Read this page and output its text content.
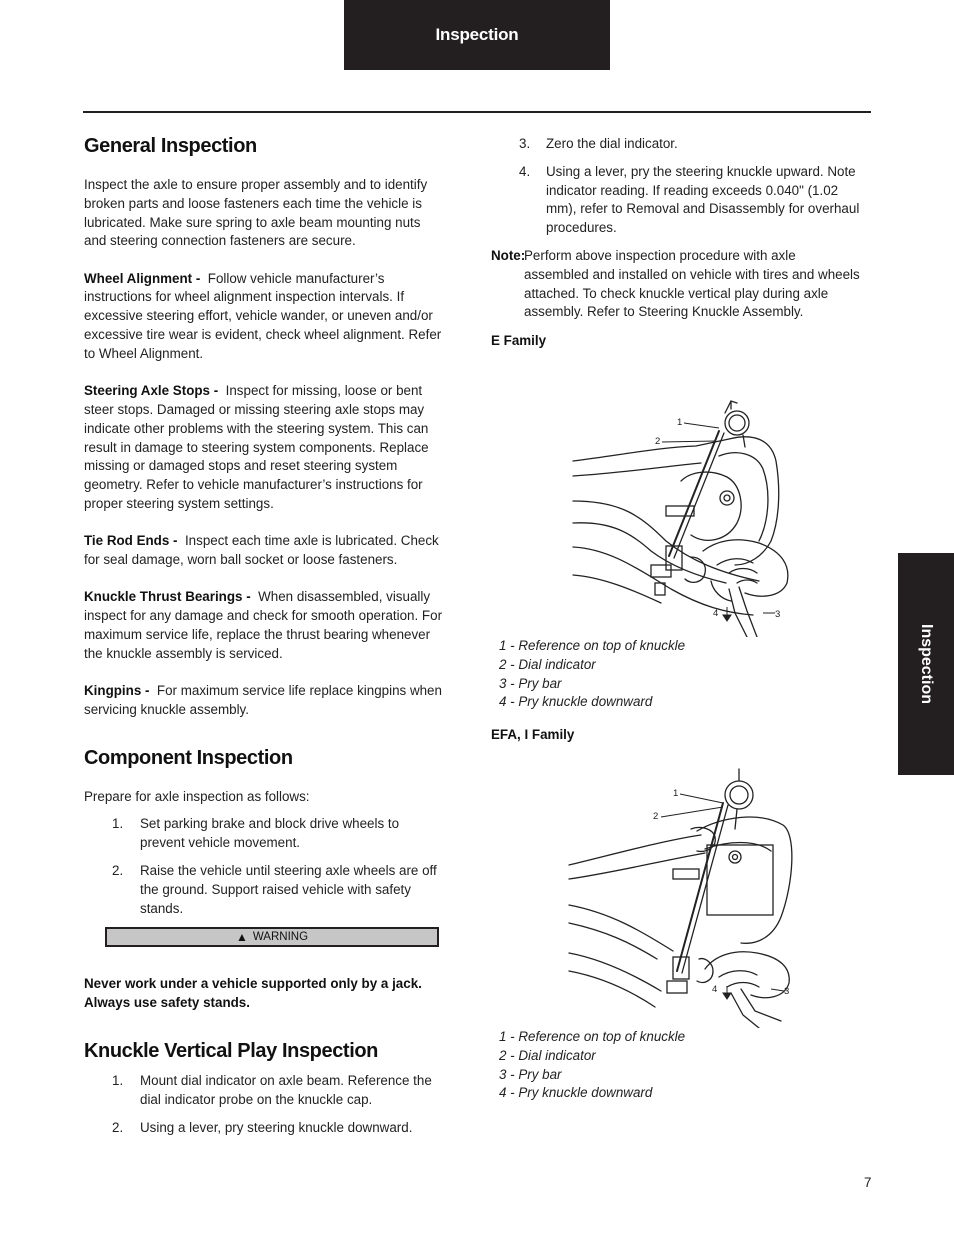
Inspection
Inspection
General Inspection

Inspect the axle to ensure proper assembly and to identify broken parts and loose fasteners each time the vehicle is lubricated. Make sure spring to axle beam mounting nuts and steering connection fasteners are secure.

Wheel Alignment - Follow vehicle manufacturer’s instructions for wheel alignment inspection intervals. If excessive steering effort, vehicle wander, or uneven and/or excessive tire wear is evident, check wheel alignment. Refer to Wheel Alignment.

Steering Axle Stops - Inspect for missing, loose or bent steer stops. Damaged or missing steering axle stops may indicate other problems with the steering system. This can result in damage to steering system components. Replace missing or damaged stops and reset steering system geometry. Refer to vehicle manufacturer’s instructions for proper steering system settings.

Tie Rod Ends - Inspect each time axle is lubricated. Check for seal damage, worn ball socket or loose fasteners.

Knuckle Thrust Bearings - When disassembled, visually inspect for any damage and check for smooth operation. For maximum service life, replace the thrust bearing whenever the knuckle assembly is serviced.

Kingpins - For maximum service life replace kingpins when servicing knuckle assembly.

Component Inspection

Prepare for axle inspection as follows:

1. Set parking brake and block drive wheels to prevent vehicle movement.
2. Raise the vehicle until steering axle wheels are off the ground. Support raised vehicle with safety stands.
▲ WARNING

Never work under a vehicle supported only by a jack. Always use safety stands.

Knuckle Vertical Play Inspection
1. Mount dial indicator on axle beam. Reference the dial indicator probe on the knuckle cap.
2. Using a lever, pry steering knuckle downward.
3. Zero the dial indicator.
4. Using a lever, pry the steering knuckle upward. Note indicator reading. If reading exceeds 0.040" (1.02 mm), refer to Removal and Disassembly for overhaul procedures.

Note:
Perform above inspection procedure with axle assembled and installed on vehicle with tires and wheels attached. To check knuckle vertical play during axle assembly. Refer to Steering Knuckle Assembly.

E Family

1
2
3
4

1 - Reference on top of knuckle

2 - Dial indicator

3 - Pry bar

4 - Pry knuckle downward

EFA, I Family

1
2
3
4

1 - Reference on top of knuckle

2 - Dial indicator

3 - Pry bar

4 - Pry knuckle downward

7
